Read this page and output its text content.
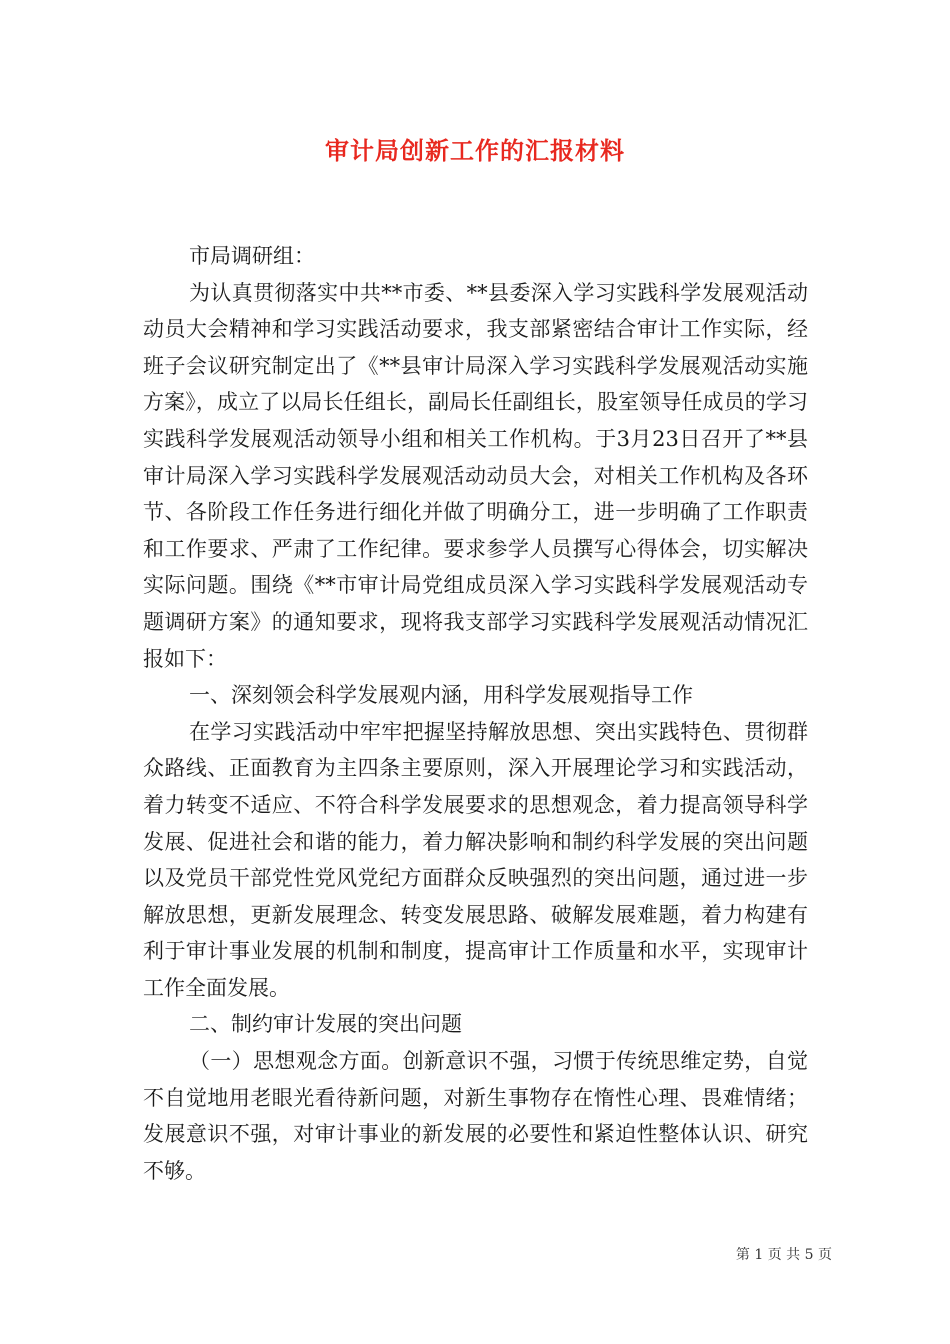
审计局创新工作的汇报材料

市局调研组：

为认真贯彻落实中共**市委、**县委深入学习实践科学发展观活动动员大会精神和学习实践活动要求，我支部紧密结合审计工作实际，经班子会议研究制定出了《**县审计局深入学习实践科学发展观活动实施方案》，成立了以局长任组长，副局长任副组长，股室领导任成员的学习实践科学发展观活动领导小组和相关工作机构。于3月23日召开了**县审计局深入学习实践科学发展观活动动员大会，对相关工作机构及各环节、各阶段工作任务进行细化并做了明确分工，进一步明确了工作职责和工作要求、严肃了工作纪律。要求参学人员撰写心得体会，切实解决实际问题。围绕《**市审计局党组成员深入学习实践科学发展观活动专题调研方案》的通知要求，现将我支部学习实践科学发展观活动情况汇报如下：

一、深刻领会科学发展观内涵，用科学发展观指导工作

在学习实践活动中牢牢把握坚持解放思想、突出实践特色、贯彻群众路线、正面教育为主四条主要原则，深入开展理论学习和实践活动，着力转变不适应、不符合科学发展要求的思想观念，着力提高领导科学发展、促进社会和谐的能力，着力解决影响和制约科学发展的突出问题以及党员干部党性党风党纪方面群众反映强烈的突出问题，通过进一步解放思想，更新发展理念、转变发展思路、破解发展难题，着力构建有利于审计事业发展的机制和制度，提高审计工作质量和水平，实现审计工作全面发展。

二、制约审计发展的突出问题

（一）思想观念方面。创新意识不强，习惯于传统思维定势，自觉不自觉地用老眼光看待新问题，对新生事物存在惰性心理、畏难情绪；发展意识不强，对审计事业的新发展的必要性和紧迫性整体认识、研究不够。

第 1 页 共 5 页
